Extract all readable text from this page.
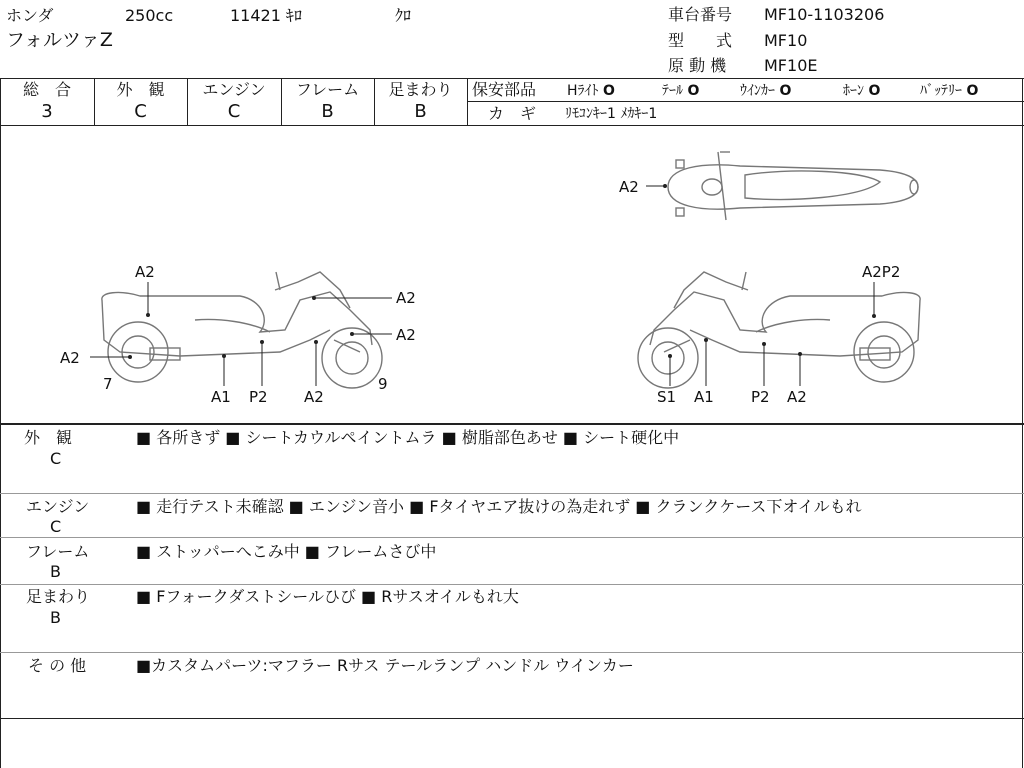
ホンダ	250cc	11421 ｷﾛ	ｸﾛ
フォルツァZ
車台番号 MF10-1103206
型　　式 MF10
原 動 機 MF10E
総　合
3
外　観
C
エンジン
C
フレーム
B
足まわり
B
保安部品 Hﾗｲﾄ O	ﾃｰﾙ O	ｳｲﾝｶｰ O	ﾎｰﾝ O	ﾊﾞｯﾃﾘｰ O
カ　ギ ﾘﾓｺﾝｷｰ1 ﾒｶｷｰ1
A2
A2
A2
A2
A2
A1 P2 A2
7	9
A2P2
S1 A1 P2 A2
外　観
C
■ 各所きず ■ シートカウルペイントムラ ■ 樹脂部色あせ ■ シート硬化中
エンジン
C
■ 走行テスト未確認 ■ エンジン音小 ■ Fタイヤエア抜けの為走れず ■ クランクケース下オイルもれ
フレーム
B
■ ストッパーへこみ中 ■ フレームさび中
足まわり
B
■ Fフォークダストシールひび ■ Rサスオイルもれ大
そ の 他	■カスタムパーツ:マフラー Rサス テールランプ ハンドル ウインカー
